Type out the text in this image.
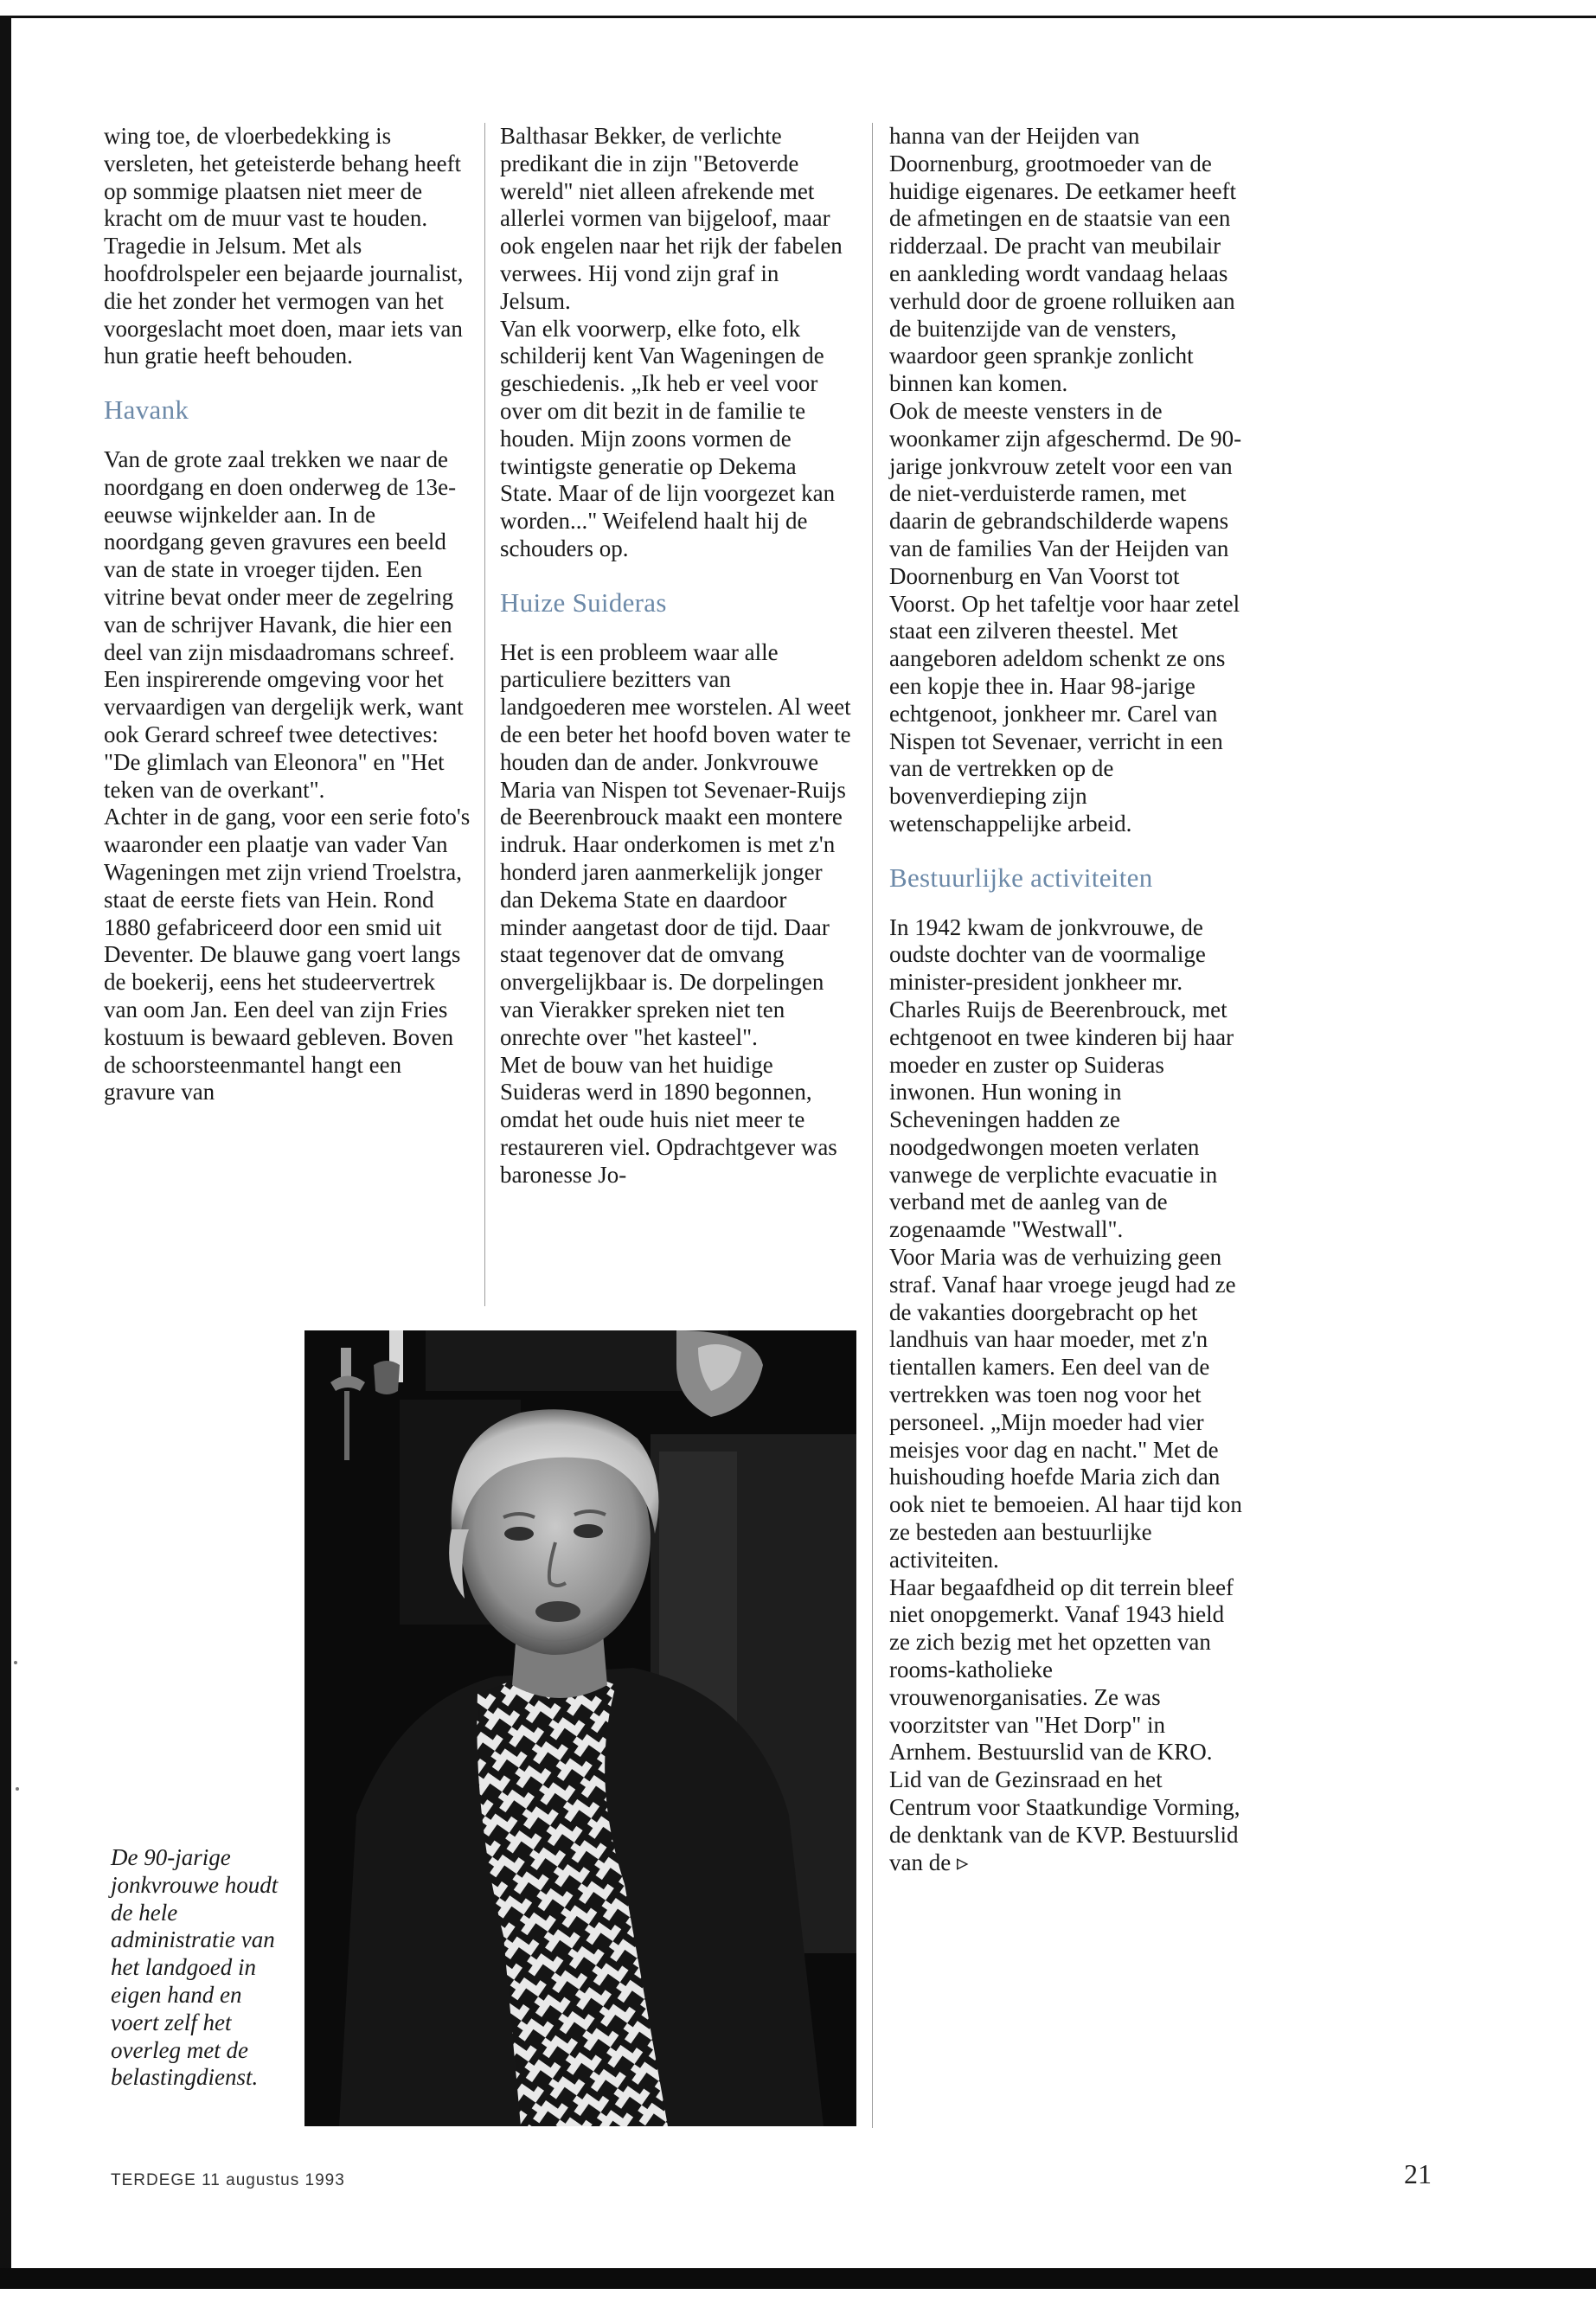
wing toe, de vloerbedekking is versleten, het geteisterde behang heeft op sommige plaatsen niet meer de kracht om de muur vast te houden. Tragedie in Jelsum. Met als hoofdrolspeler een bejaarde journalist, die het zonder het vermogen van het voorgeslacht moet doen, maar iets van hun gratie heeft behouden.

Havank

Van de grote zaal trekken we naar de noordgang en doen onderweg de 13e-eeuwse wijnkelder aan. In de noordgang geven gravures een beeld van de state in vroeger tijden. Een vitrine bevat onder meer de zegelring van de schrijver Havank, die hier een deel van zijn misdaadromans schreef. Een inspirerende omgeving voor het vervaardigen van dergelijk werk, want ook Gerard schreef twee detectives: "De glimlach van Eleonora" en "Het teken van de overkant".

Achter in de gang, voor een serie foto's waaronder een plaatje van vader Van Wageningen met zijn vriend Troelstra, staat de eerste fiets van Hein. Rond 1880 gefabriceerd door een smid uit Deventer. De blauwe gang voert langs de boekerij, eens het studeervertrek van oom Jan. Een deel van zijn Fries kostuum is bewaard gebleven. Boven de schoorsteenmantel hangt een gravure van

Balthasar Bekker, de verlichte predikant die in zijn "Betoverde wereld" niet alleen afrekende met allerlei vormen van bijgeloof, maar ook engelen naar het rijk der fabelen verwees. Hij vond zijn graf in Jelsum.

Van elk voorwerp, elke foto, elk schilderij kent Van Wageningen de geschiedenis. „Ik heb er veel voor over om dit bezit in de familie te houden. Mijn zoons vormen de twintigste generatie op Dekema State. Maar of de lijn voorgezet kan worden..." Weifelend haalt hij de schouders op.

Huize Suideras

Het is een probleem waar alle particuliere bezitters van landgoederen mee worstelen. Al weet de een beter het hoofd boven water te houden dan de ander. Jonkvrouwe Maria van Nispen tot Sevenaer-Ruijs de Beerenbrouck maakt een montere indruk. Haar onderkomen is met z'n honderd jaren aanmerkelijk jonger dan Dekema State en daardoor minder aangetast door de tijd. Daar staat tegenover dat de omvang onvergelijkbaar is. De dorpelingen van Vierakker spreken niet ten onrechte over "het kasteel".

Met de bouw van het huidige Suideras werd in 1890 begonnen, omdat het oude huis niet meer te restaureren viel. Opdrachtgever was baronesse Jo-

hanna van der Heijden van Doornenburg, grootmoeder van de huidige eigenares. De eetkamer heeft de afmetingen en de staatsie van een ridderzaal. De pracht van meubilair en aankleding wordt vandaag helaas verhuld door de groene rolluiken aan de buitenzijde van de vensters, waardoor geen sprankje zonlicht binnen kan komen.

Ook de meeste vensters in de woonkamer zijn afgeschermd. De 90-jarige jonkvrouw zetelt voor een van de niet-verduisterde ramen, met daarin de gebrandschilderde wapens van de families Van der Heijden van Doornenburg en Van Voorst tot Voorst. Op het tafeltje voor haar zetel staat een zilveren theestel. Met aangeboren adeldom schenkt ze ons een kopje thee in. Haar 98-jarige echtgenoot, jonkheer mr. Carel van Nispen tot Sevenaer, verricht in een van de vertrekken op de bovenverdieping zijn wetenschappelijke arbeid.

Bestuurlijke activiteiten

In 1942 kwam de jonkvrouwe, de oudste dochter van de voormalige minister-president jonkheer mr. Charles Ruijs de Beerenbrouck, met echtgenoot en twee kinderen bij haar moeder en zuster op Suideras inwonen. Hun woning in Scheveningen hadden ze noodgedwongen moeten verlaten vanwege de verplichte evacuatie in verband met de aanleg van de zogenaamde "Westwall".

Voor Maria was de verhuizing geen straf. Vanaf haar vroege jeugd had ze de vakanties doorgebracht op het landhuis van haar moeder, met z'n tientallen kamers. Een deel van de vertrekken was toen nog voor het personeel. „Mijn moeder had vier meisjes voor dag en nacht." Met de huishouding hoefde Maria zich dan ook niet te bemoeien. Al haar tijd kon ze besteden aan bestuurlijke activiteiten.

Haar begaafdheid op dit terrein bleef niet onopgemerkt. Vanaf 1943 hield ze zich bezig met het opzetten van rooms-katholieke vrouwenorganisaties. Ze was voorzitster van "Het Dorp" in Arnhem. Bestuurslid van de KRO. Lid van de Gezinsraad en het Centrum voor Staatkundige Vorming, de denktank van de KVP. Bestuurslid van de ▹

De 90-jarige jonkvrouwe houdt de hele administratie van het landgoed in eigen hand en voert zelf het overleg met de belastingdienst.
TERDEGE 11 augustus 1993	21
